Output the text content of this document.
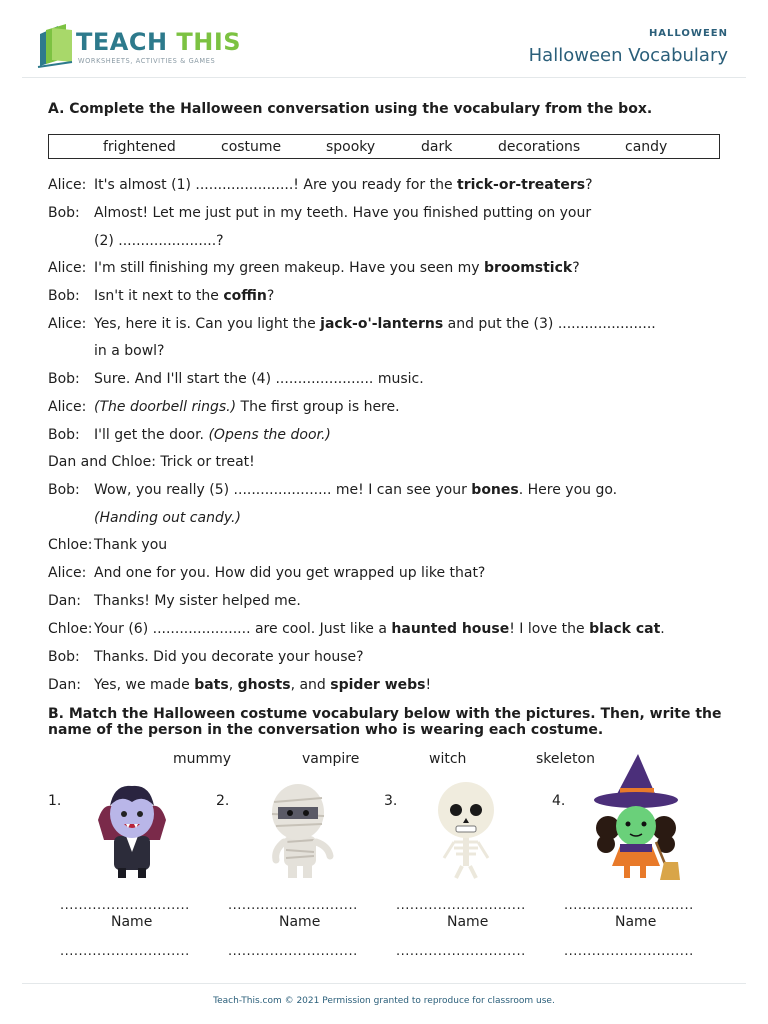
TEACH THIS
WORKSHEETS, ACTIVITIES & GAMES
HALLOWEEN
Halloween Vocabulary
A. Complete the Halloween conversation using the vocabulary from the box.
frightened	costume	spooky	dark	decorations	candy
Alice: It's almost (1) ......................! Are you ready for the trick-or-treaters?
Bob: Almost! Let me just put in my teeth. Have you finished putting on your
(2) ......................?
Alice: I'm still finishing my green makeup. Have you seen my broomstick?
Bob: Isn't it next to the coffin?
Alice: Yes, here it is. Can you light the jack-o'-lanterns and put the (3) ......................
in a bowl?
Bob: Sure. And I'll start the (4) ...................... music.
Alice: (The doorbell rings.) The first group is here.
Bob: I'll get the door. (Opens the door.)
Dan and Chloe: Trick or treat!
Bob: Wow, you really (5) ...................... me! I can see your bones. Here you go.
(Handing out candy.)
Chloe: Thank you
Alice: And one for you. How did you get wrapped up like that?
Dan: Thanks! My sister helped me.
Chloe: Your (6) ...................... are cool. Just like a haunted house! I love the black cat.
Bob: Thanks. Did you decorate your house?
Dan: Yes, we made bats, ghosts, and spider webs!
B. Match the Halloween costume vocabulary below with the pictures. Then, write the name of the person in the conversation who is wearing each costume.
mummy	vampire	witch	skeleton
1.	2.	3.	4.
............................	............................	............................	............................
Name	Name	Name	Name
............................	............................	............................	............................
Teach-This.com © 2021 Permission granted to reproduce for classroom use.
